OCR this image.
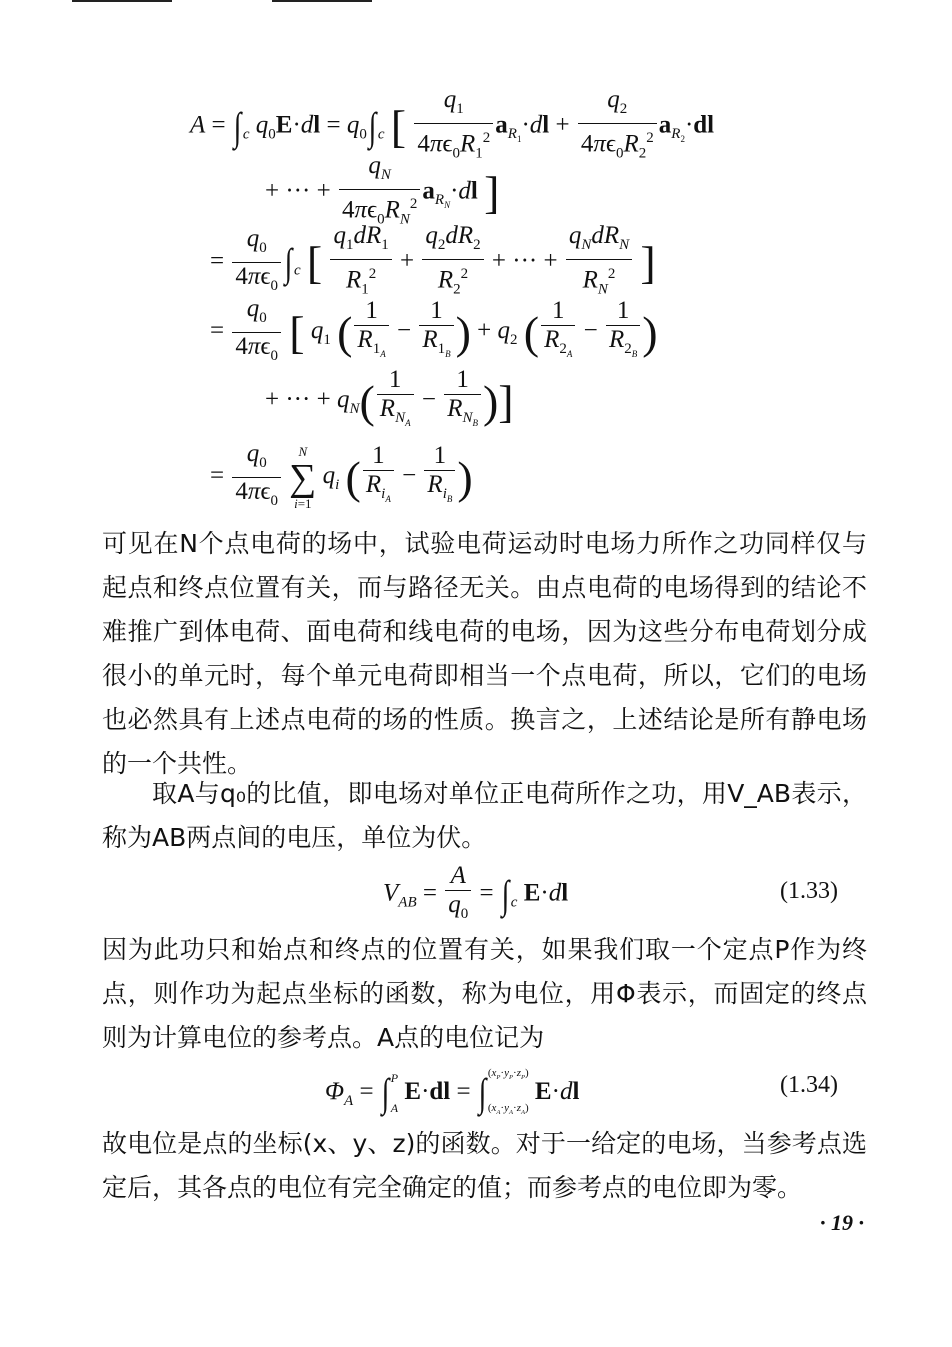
A = ∫ $_c$ $q_0E\cdot dl = q_0\int$ $_c$ [ $\frac{q_1}{4\pi\epsilon_0R_1^2} a_{R_1}\cdot dl + \frac{q_2}{4\pi\epsilon_0R_2^2} a_{R_2}\cdot dl$
+ ··· + $\frac{q_N}{4\pi\epsilon_0R_N^2} a_{R_N}\cdot dl$ ]
= $\frac{q_0}{4\pi\epsilon_0}$ ∫ $_c$ [ $\frac{q_1dR_1}{R_1^2} + \frac{q_2dR_2}{R_2^2}$ + ··· + $\frac{q_NdR_N}{R_N^2}$ ]
= $\frac{q_0}{4\pi\epsilon_0}$ [ $q_1$ ( $\frac{1}{R_{1_A}} - \frac{1}{R_{1_B}}$ ) + $q_2$ ( $\frac{1}{R_{2_A}} - \frac{1}{R_{2_B}}$ )
+ ··· + $q_N( \frac{1}{R_{N_A}} - \frac{1}{R_{N_B}}$ )]
= $\frac{q_0}{4\pi\epsilon_0}$ N
∑
i=1 $q_i$ ( $\frac{1}{R_{i_A}} - \frac{1}{R_{i_B}}$ )
可见在N个点电荷的场中，试验电荷运动时电场力所作之功同样仅与起点和终点位置有关，而与路径无关。由点电荷的电场得到的结论不难推广到体电荷、面电荷和线电荷的电场，因为这些分布电荷划分成很小的单元时，每个单元电荷即相当一个点电荷，所以，它们的电场也必然具有上述点电荷的场的性质。换言之，上述结论是所有静电场的一个共性。
取A与q₀的比值，即电场对单位正电荷所作之功，用V_AB表示，称为AB两点间的电压，单位为伏。
$V_{AB} = \frac{A}{q_0}$ = ∫ $_c$ E·dl	(1.33)
因为此功只和始点和终点的位置有关，如果我们取一个定点P作为终点，则作功为起点坐标的函数，称为电位，用Φ表示，而固定的终点则为计算电位的参考点。A点的电位记为
$\Phi_A$ = ∫ P
A E·dl = ∫ $(x_P\cdot y_P\cdot z_P)$
$(x_A\cdot y_A\cdot z_A)$ E·dl	(1.34)
故电位是点的坐标(x、y、z)的函数。对于一给定的电场，当参考点选定后，其各点的电位有完全确定的值；而参考点的电位即为零。
· 19 ·
